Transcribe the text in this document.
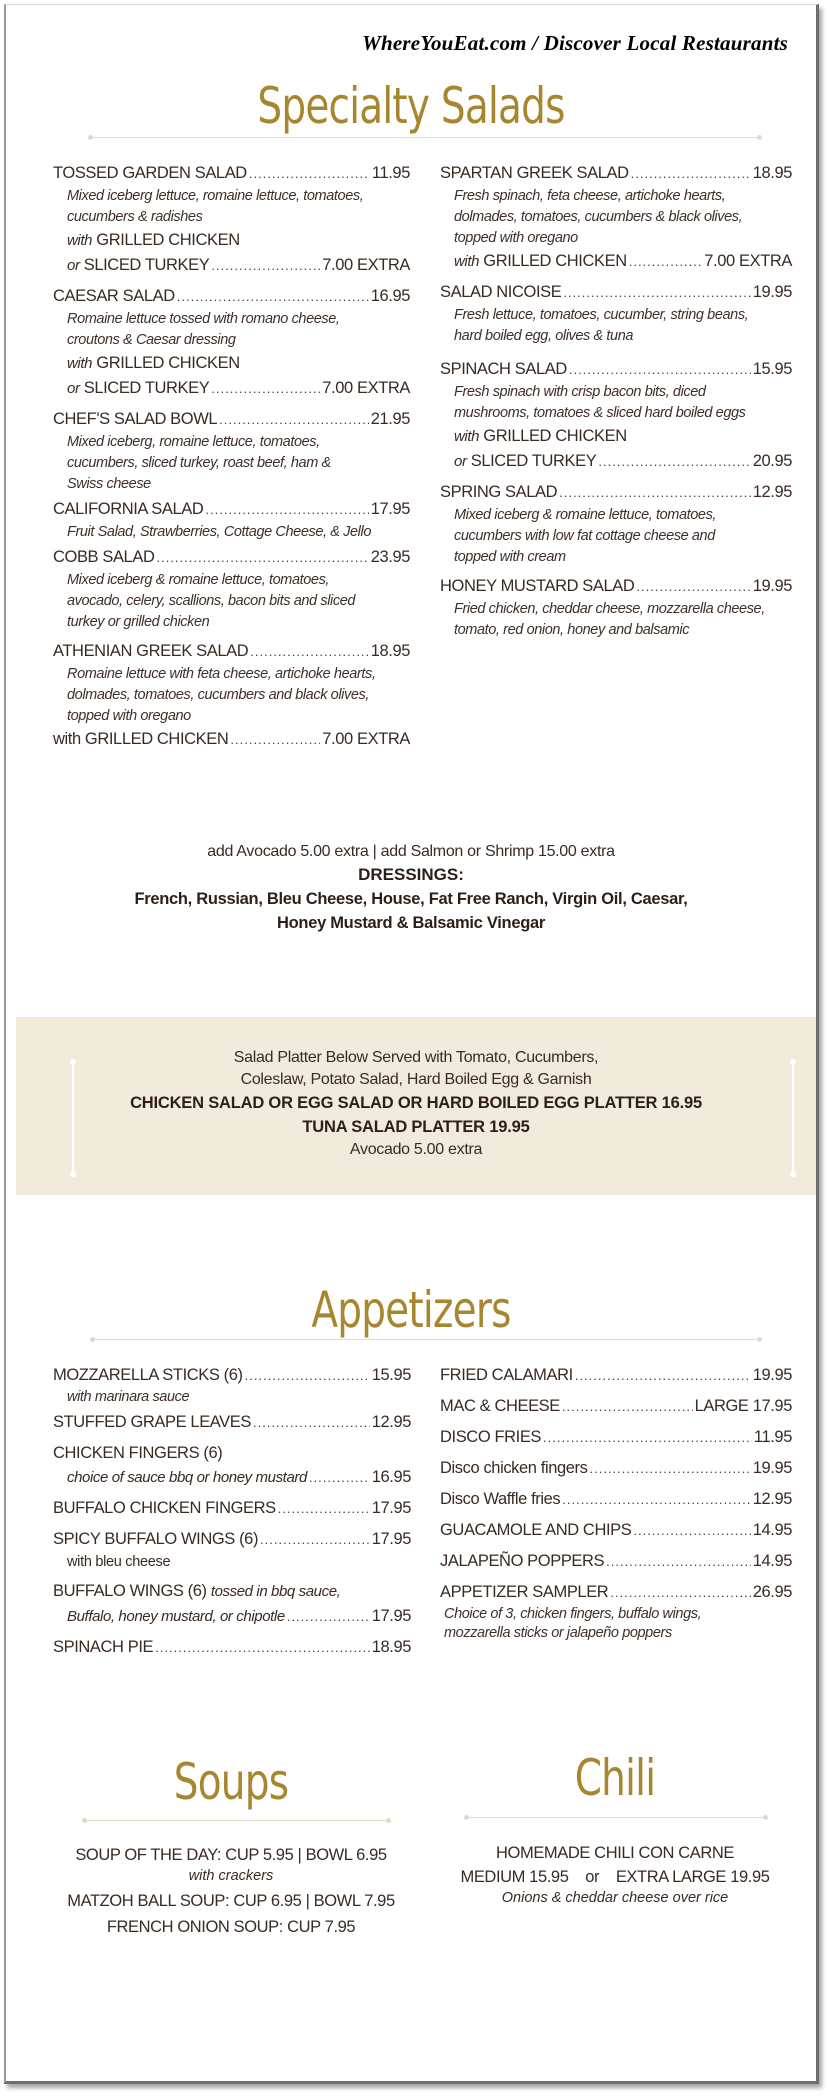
WhereYouEat.com / Discover Local Restaurants
Specialty Salads
TOSSED GARDEN SALAD .....	11.95
Mixed iceberg lettuce, romaine lettuce, tomatoes,
cucumbers & radishes
with
GRILLED CHICKEN
or
SLICED TURKEY .....	7.00 EXTRA
CAESAR SALAD .....	16.95
Romaine lettuce tossed with romano cheese,
croutons & Caesar dressing
with
GRILLED CHICKEN
or
SLICED TURKEY .....	7.00 EXTRA
CHEF'S SALAD BOWL .....	21.95
Mixed iceberg, romaine lettuce, tomatoes,
cucumbers, sliced turkey, roast beef, ham &
Swiss cheese
CALIFORNIA SALAD .....	17.95
Fruit Salad, Strawberries, Cottage Cheese, & Jello
COBB SALAD .....	23.95
Mixed iceberg & romaine lettuce, tomatoes,
avocado, celery, scallions, bacon bits and sliced
turkey or grilled chicken
ATHENIAN GREEK SALAD .....	18.95
Romaine lettuce with feta cheese, artichoke hearts,
dolmades, tomatoes, cucumbers and black olives,
topped with oregano
with GRILLED CHICKEN .....	7.00 EXTRA
SPARTAN GREEK SALAD .....	18.95
Fresh spinach, feta cheese, artichoke hearts,
dolmades, tomatoes, cucumbers & black olives,
topped with oregano
with
GRILLED CHICKEN .....	7.00 EXTRA
SALAD NICOISE .....	19.95
Fresh lettuce, tomatoes, cucumber, string beans,
hard boiled egg, olives & tuna
SPINACH SALAD .....	15.95
Fresh spinach with crisp bacon bits, diced
mushrooms, tomatoes & sliced hard boiled eggs
with
GRILLED CHICKEN
or
SLICED TURKEY .....	20.95
SPRING SALAD .....	12.95
Mixed iceberg & romaine lettuce, tomatoes,
cucumbers with low fat cottage cheese and
topped with cream
HONEY MUSTARD SALAD .....	19.95
Fried chicken, cheddar cheese, mozzarella cheese,
tomato, red onion, honey and balsamic
add Avocado 5.00 extra | add Salmon or Shrimp 15.00 extra
DRESSINGS:
French, Russian, Bleu Cheese, House, Fat Free Ranch, Virgin Oil, Caesar,
Honey Mustard & Balsamic Vinegar
Salad Platter Below Served with Tomato, Cucumbers,
Coleslaw, Potato Salad, Hard Boiled Egg & Garnish
CHICKEN SALAD OR EGG SALAD OR HARD BOILED EGG PLATTER 16.95
TUNA SALAD PLATTER 19.95
Avocado 5.00 extra
Appetizers
MOZZARELLA STICKS (6) .....	15.95
with marinara sauce
STUFFED GRAPE LEAVES .....	12.95
CHICKEN FINGERS (6)
choice of sauce bbq or honey mustard .....	16.95
BUFFALO CHICKEN FINGERS .....	17.95
SPICY BUFFALO WINGS (6) .....	17.95
with bleu cheese
BUFFALO WINGS (6)
tossed in bbq sauce,
Buffalo, honey mustard, or chipotle .....	17.95
SPINACH PIE .....	18.95
FRIED CALAMARI .....	19.95
MAC & CHEESE .....	LARGE 17.95
DISCO FRIES .....	11.95
Disco chicken fingers .....	19.95
Disco Waffle fries .....	12.95
GUACAMOLE AND CHIPS .....	14.95
JALAPEÑO POPPERS .....	14.95
APPETIZER SAMPLER .....	26.95
Choice of 3, chicken fingers, buffalo wings,
mozzarella sticks or jalapeño poppers
Soups
SOUP OF THE DAY: CUP 5.95 | BOWL 6.95
with crackers
MATZOH BALL SOUP: CUP 6.95 | BOWL 7.95
FRENCH ONION SOUP: CUP 7.95
Chili
HOMEMADE CHILI CON CARNE
MEDIUM 15.95    or    EXTRA LARGE 19.95
Onions & cheddar cheese over rice
